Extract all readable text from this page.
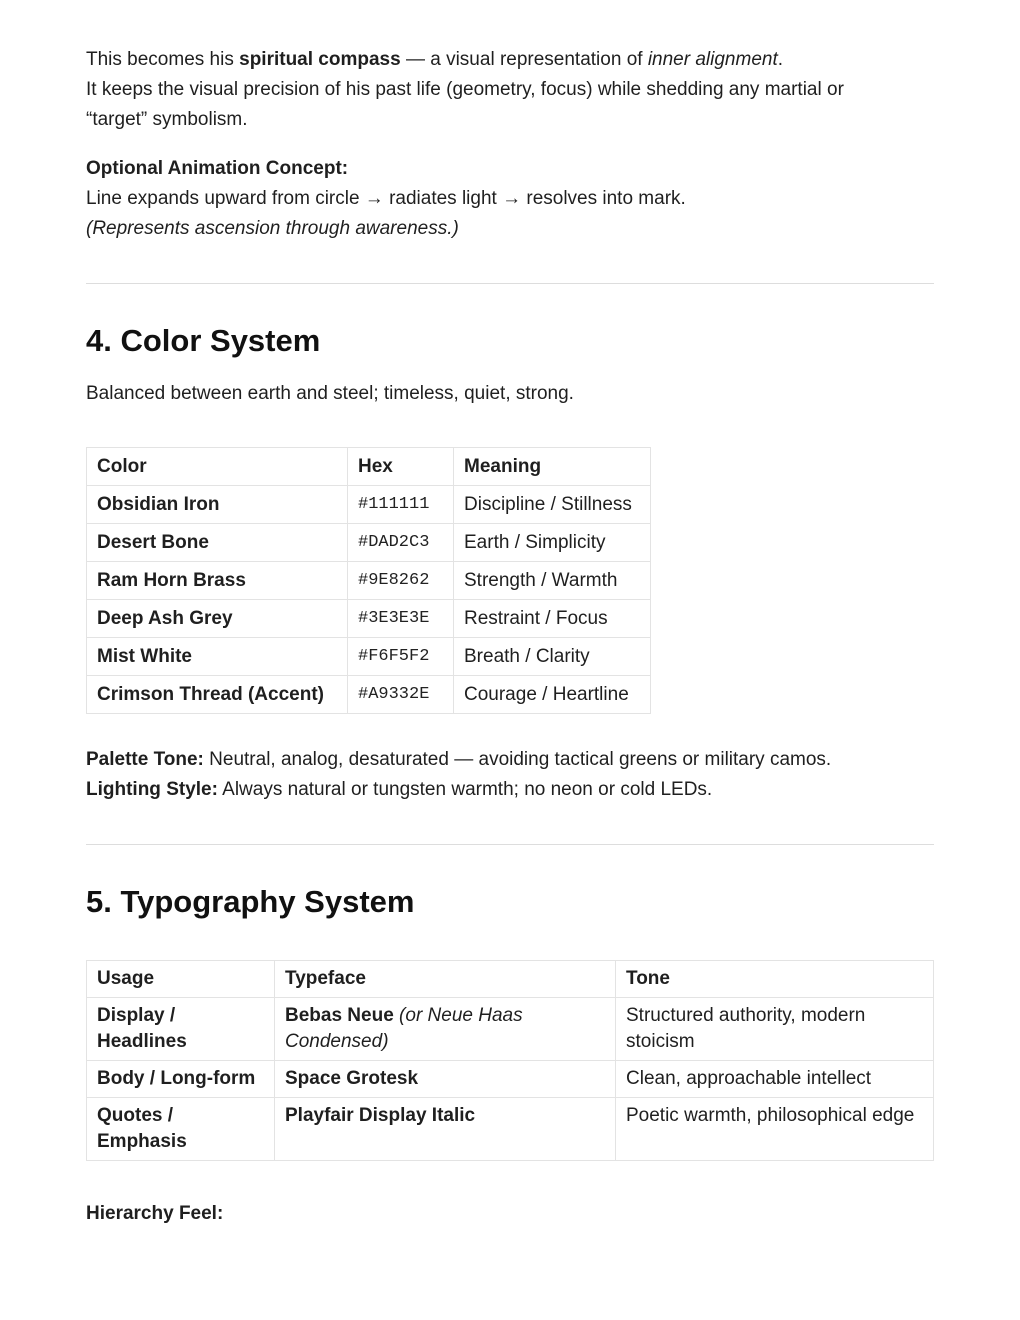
This becomes his spiritual compass — a visual representation of inner alignment.
It keeps the visual precision of his past life (geometry, focus) while shedding any martial or
“target” symbolism.
Optional Animation Concept:
Line expands upward from circle → radiates light → resolves into mark.
(Represents ascension through awareness.)
4. Color System
Balanced between earth and steel; timeless, quiet, strong.
Color	Hex	Meaning
Obsidian Iron	#111111	Discipline / Stillness
Desert Bone	#DAD2C3	Earth / Simplicity
Ram Horn Brass	#9E8262	Strength / Warmth
Deep Ash Grey	#3E3E3E	Restraint / Focus
Mist White	#F6F5F2	Breath / Clarity
Crimson Thread (Accent)	#A9332E	Courage / Heartline
Palette Tone: Neutral, analog, desaturated — avoiding tactical greens or military camos.
Lighting Style: Always natural or tungsten warmth; no neon or cold LEDs.
5. Typography System
Usage	Typeface	Tone
Display / Headlines	Bebas Neue (or Neue Haas Condensed)	Structured authority, modern stoicism
Body / Long-form	Space Grotesk	Clean, approachable intellect
Quotes / Emphasis	Playfair Display Italic	Poetic warmth, philosophical edge
Hierarchy Feel:
